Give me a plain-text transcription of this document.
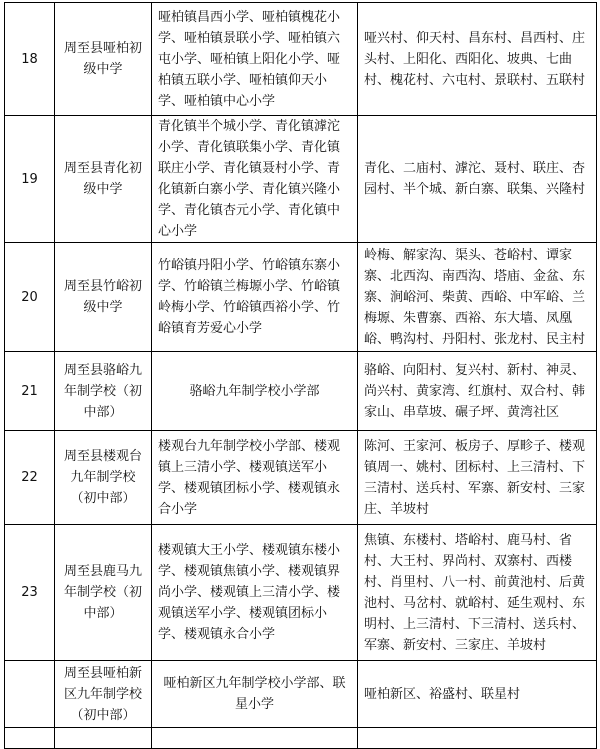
18	周至县哑柏初级中学	哑柏镇昌西小学、哑柏镇槐花小学、哑柏镇景联小学、哑柏镇六屯小学、哑柏镇上阳化小学、哑柏镇五联小学、哑柏镇仰天小学、哑柏镇中心小学	哑兴村、仰天村、昌东村、昌西村、庄头村、上阳化、西阳化、坡典、七曲村、槐花村、六屯村、景联村、五联村
19	周至县青化初级中学	青化镇半个城小学、青化镇滹沱小学、青化镇联集小学、青化镇联庄小学、青化镇聂村小学、青化镇新白寨小学、青化镇兴隆小学、青化镇杏元小学、青化镇中心小学	青化、二庙村、滹沱、聂村、联庄、杏园村、半个城、新白寨、联集、兴隆村
20	周至县竹峪初级中学	竹峪镇丹阳小学、竹峪镇东寨小学、竹峪镇兰梅塬小学、竹峪镇岭梅小学、竹峪镇西裕小学、竹峪镇育芳爱心小学	岭梅、解家沟、渠头、苍峪村、谭家寨、北西沟、南西沟、塔庙、金盆、东寨、涧峪河、柴黄、西峪、中军峪、兰梅塬、朱曹寨、西裕、东大墙、凤凰峪、鸭沟村、丹阳村、张龙村、民主村
21	周至县骆峪九年制学校（初中部）	骆峪九年制学校小学部	骆峪、向阳村、复兴村、新村、神灵、尚兴村、黄家湾、红旗村、双合村、韩家山、串草坡、碾子坪、黄湾社区
22	周至县楼观台九年制学校（初中部）	楼观台九年制学校小学部、楼观镇上三清小学、楼观镇送军小学、楼观镇团标小学、楼观镇永合小学	陈河、王家河、板房子、厚畛子、楼观镇周一、姚村、团标村、上三清村、下三清村、送兵村、军寨、新安村、三家庄、羊坡村
23	周至县鹿马九年制学校（初中部）	楼观镇大王小学、楼观镇东楼小学、楼观镇焦镇小学、楼观镇界尚小学、楼观镇上三清小学、楼观镇送军小学、楼观镇团标小学、楼观镇永合小学	焦镇、东楼村、塔峪村、鹿马村、省村、大王村、界尚村、双寨村、西楼村、肖里村、八一村、前黄池村、后黄池村、马岔村、就峪村、延生观村、东明村、上三清村、下三清村、送兵村、军寨、新安村、三家庄、羊坡村
	周至县哑柏新区九年制学校（初中部）	哑柏新区九年制学校小学部、联星小学	哑柏新区、裕盛村、联星村
